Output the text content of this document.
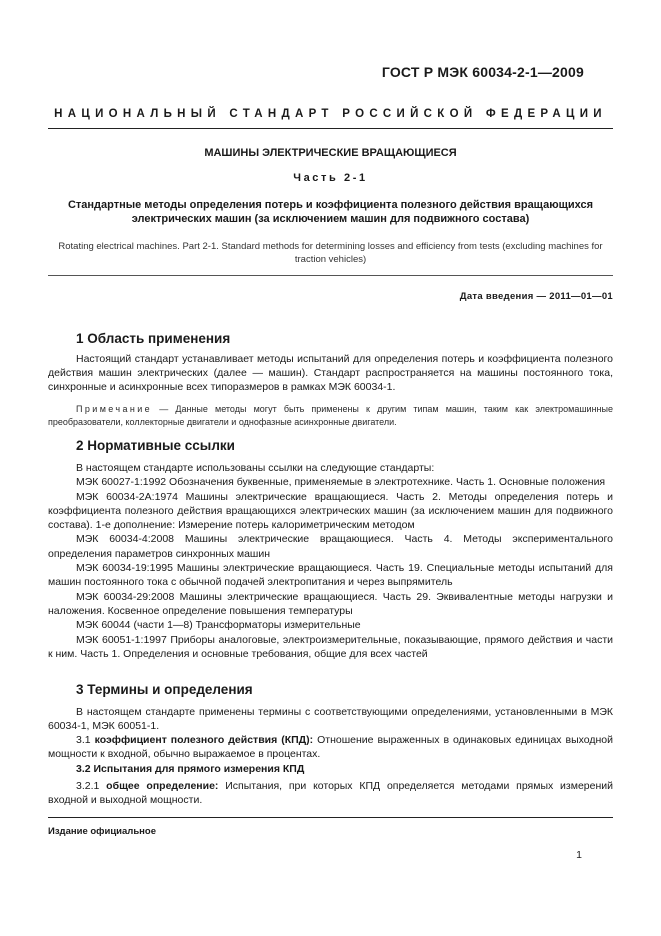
ГОСТ Р МЭК 60034-2-1—2009
НАЦИОНАЛЬНЫЙ СТАНДАРТ РОССИЙСКОЙ ФЕДЕРАЦИИ
МАШИНЫ ЭЛЕКТРИЧЕСКИЕ ВРАЩАЮЩИЕСЯ
Часть 2-1
Стандартные методы определения потерь и коэффициента полезного действия вращающихся электрических машин (за исключением машин для подвижного состава)
Rotating electrical machines. Part 2-1. Standard methods for determining losses and efficiency from tests (excluding machines for traction vehicles)
Дата введения — 2011—01—01
1 Область применения
Настоящий стандарт устанавливает методы испытаний для определения потерь и коэффициента полезного действия машин электрических (далее — машин). Стандарт распространяется на машины постоянного тока, синхронные и асинхронные всех типоразмеров в рамках МЭК 60034-1.
Примечание — Данные методы могут быть применены к другим типам машин, таким как электромашинные преобразователи, коллекторные двигатели и однофазные асинхронные двигатели.
2 Нормативные ссылки
В настоящем стандарте использованы ссылки на следующие стандарты:
МЭК 60027-1:1992 Обозначения буквенные, применяемые в электротехнике. Часть 1. Основные положения
МЭК 60034-2А:1974 Машины электрические вращающиеся. Часть 2. Методы определения потерь и коэффициента полезного действия вращающихся электрических машин (за исключением машин для подвижного состава). 1-е дополнение: Измерение потерь калориметрическим методом
МЭК 60034-4:2008 Машины электрические вращающиеся. Часть 4. Методы экспериментального определения параметров синхронных машин
МЭК 60034-19:1995 Машины электрические вращающиеся. Часть 19. Специальные методы испытаний для машин постоянного тока с обычной подачей электропитания и через выпрямитель
МЭК 60034-29:2008 Машины электрические вращающиеся. Часть 29. Эквивалентные методы нагрузки и наложения. Косвенное определение повышения температуры
МЭК 60044 (части 1—8) Трансформаторы измерительные
МЭК 60051-1:1997 Приборы аналоговые, электроизмерительные, показывающие, прямого действия и части к ним. Часть 1. Определения и основные требования, общие для всех частей
3 Термины и определения
В настоящем стандарте применены термины с соответствующими определениями, установленными в МЭК 60034-1, МЭК 60051-1.
3.1 коэффициент полезного действия (КПД): Отношение выраженных в одинаковых единицах выходной мощности к входной, обычно выражаемое в процентах.
3.2 Испытания для прямого измерения КПД
3.2.1 общее определение: Испытания, при которых КПД определяется методами прямых измерений входной и выходной мощности.
Издание официальное
1
